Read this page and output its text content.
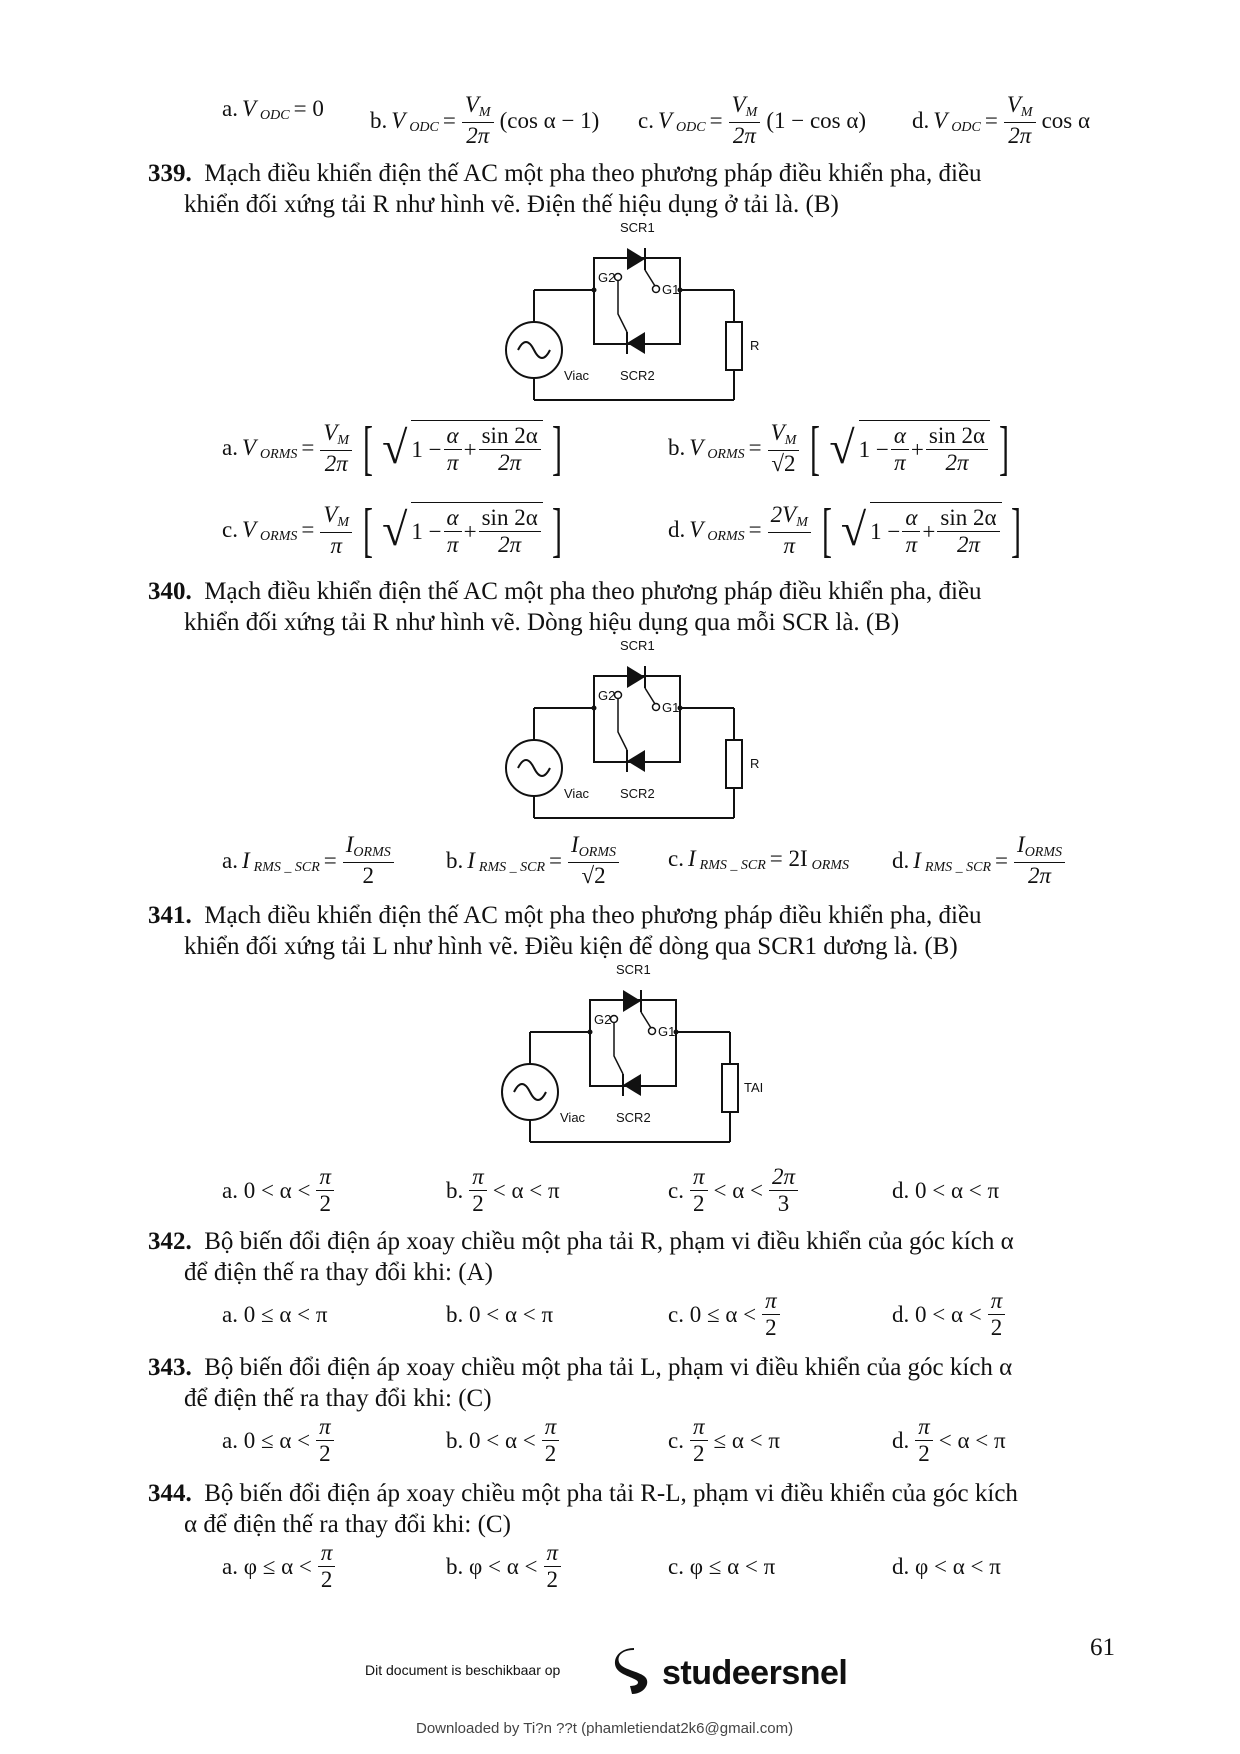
a. V ODC = 0 b. V ODC = $\frac{VM}{2\pi} (\cos$ α − 1) c. V ODC = $\frac{VM}{2\pi} (1 - \cos \alpha)$ d. V ODC = $\frac{VM}{2\pi}$ cos α
339. Mạch điều khiển điện thế AC một pha theo phương pháp điều khiển pha, điều
khiển đối xứng tải R như hình vẽ. Điện thế hiệu dụng ở tải là. (B)
SCR1
SCR2
G2
G1
Viac
R
a. V ORMS = $\frac{VM}{2\pi}$ [ √ $1 - \frac{\alpha}{\pi} + \frac{\sin 2\alpha}{2\pi}$ ]	b. V ORMS = $\frac{VM}{√2}$ [ √ $1 - \frac{\alpha}{\pi} + \frac{\sin 2\alpha}{2\pi}$ ]
c. V ORMS = $\frac{VM}{\pi}$ [ √ $1 - \frac{\alpha}{\pi} + \frac{\sin 2\alpha}{2\pi}$ ]	d. V ORMS = $\frac{2VM}{\pi}$ [ √ $1 - \frac{\alpha}{\pi} + \frac{\sin 2\alpha}{2\pi}$ ]
340. Mạch điều khiển điện thế AC một pha theo phương pháp điều khiển pha, điều
khiển đối xứng tải R như hình vẽ. Dòng hiệu dụng qua mỗi SCR là. (B)
SCR1
SCR2
G2
G1
Viac
R
a. I RMS _ SCR = $\frac{\text{IORMS}}{2} b$. I RMS _ SCR = $\frac{\text{IORMS}}{√2} c$. I RMS _ SCR = 2I ORMS d. I RMS _ SCR = $\frac{\text{IORMS}}{2\pi}$
341. Mạch điều khiển điện thế AC một pha theo phương pháp điều khiển pha, điều
khiển đối xứng tải L như hình vẽ. Điều kiện để dòng qua SCR1 dương là. (B)
SCR1
SCR2
G2
G1
Viac
TAI
a. $0 < \alpha < \frac{\pi}{2}$	b. $\frac{\pi}{2} < \alpha < \pi$	c. $\frac{\pi}{2} < \alpha < \frac{2\pi}{3}$	d. 0 < α < π
342. Bộ biến đổi điện áp xoay chiều một pha tải R, phạm vi điều khiển của góc kích α
để điện thế ra thay đổi khi: (A)
a. 0 ≤ α < π	b. 0 < α < π	c. $0 \le \alpha < \frac{\pi}{2}$	d. $0 < \alpha < \frac{\pi}{2}$
343. Bộ biến đổi điện áp xoay chiều một pha tải L, phạm vi điều khiển của góc kích α
để điện thế ra thay đổi khi: (C)
a. $0 \le \alpha < \frac{\pi}{2}$	b. $0 < \alpha < \frac{\pi}{2}$	c. $\frac{\pi}{2} \le \alpha < \pi$	d. $\frac{\pi}{2} < \alpha < \pi$
344. Bộ biến đổi điện áp xoay chiều một pha tải R-L, phạm vi điều khiển của góc kích
α để điện thế ra thay đổi khi: (C)
a. $\varphi \le \alpha < \frac{\pi}{2}$	b. $\varphi < \alpha < \frac{\pi}{2}$	c. φ ≤ α < π	d. φ < α < π
61
Dit document is beschikbaar op	studeersnel
Downloaded by Ti?n ??t (phamletiendat2k6@gmail.com)
